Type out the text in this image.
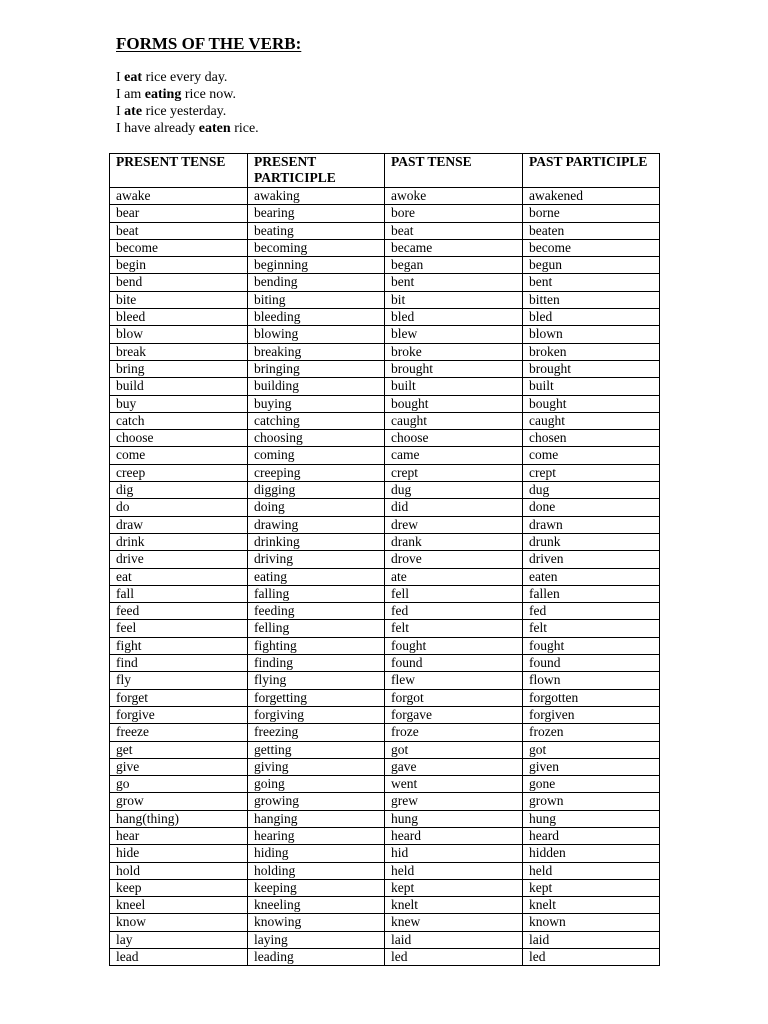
FORMS OF THE VERB:
I eat rice every day.
I am eating rice now.
I ate rice yesterday.
I have already eaten rice.
PRESENT TENSE	PRESENT PARTICIPLE	PAST TENSE	PAST PARTICIPLE
awake	awaking	awoke	awakened
bear	bearing	bore	borne
beat	beating	beat	beaten
become	becoming	became	become
begin	beginning	began	begun
bend	bending	bent	bent
bite	biting	bit	bitten
bleed	bleeding	bled	bled
blow	blowing	blew	blown
break	breaking	broke	broken
bring	bringing	brought	brought
build	building	built	built
buy	buying	bought	bought
catch	catching	caught	caught
choose	choosing	choose	chosen
come	coming	came	come
creep	creeping	crept	crept
dig	digging	dug	dug
do	doing	did	done
draw	drawing	drew	drawn
drink	drinking	drank	drunk
drive	driving	drove	driven
eat	eating	ate	eaten
fall	falling	fell	fallen
feed	feeding	fed	fed
feel	felling	felt	felt
fight	fighting	fought	fought
find	finding	found	found
fly	flying	flew	flown
forget	forgetting	forgot	forgotten
forgive	forgiving	forgave	forgiven
freeze	freezing	froze	frozen
get	getting	got	got
give	giving	gave	given
go	going	went	gone
grow	growing	grew	grown
hang(thing)	hanging	hung	hung
hear	hearing	heard	heard
hide	hiding	hid	hidden
hold	holding	held	held
keep	keeping	kept	kept
kneel	kneeling	knelt	knelt
know	knowing	knew	known
lay	laying	laid	laid
lead	leading	led	led
